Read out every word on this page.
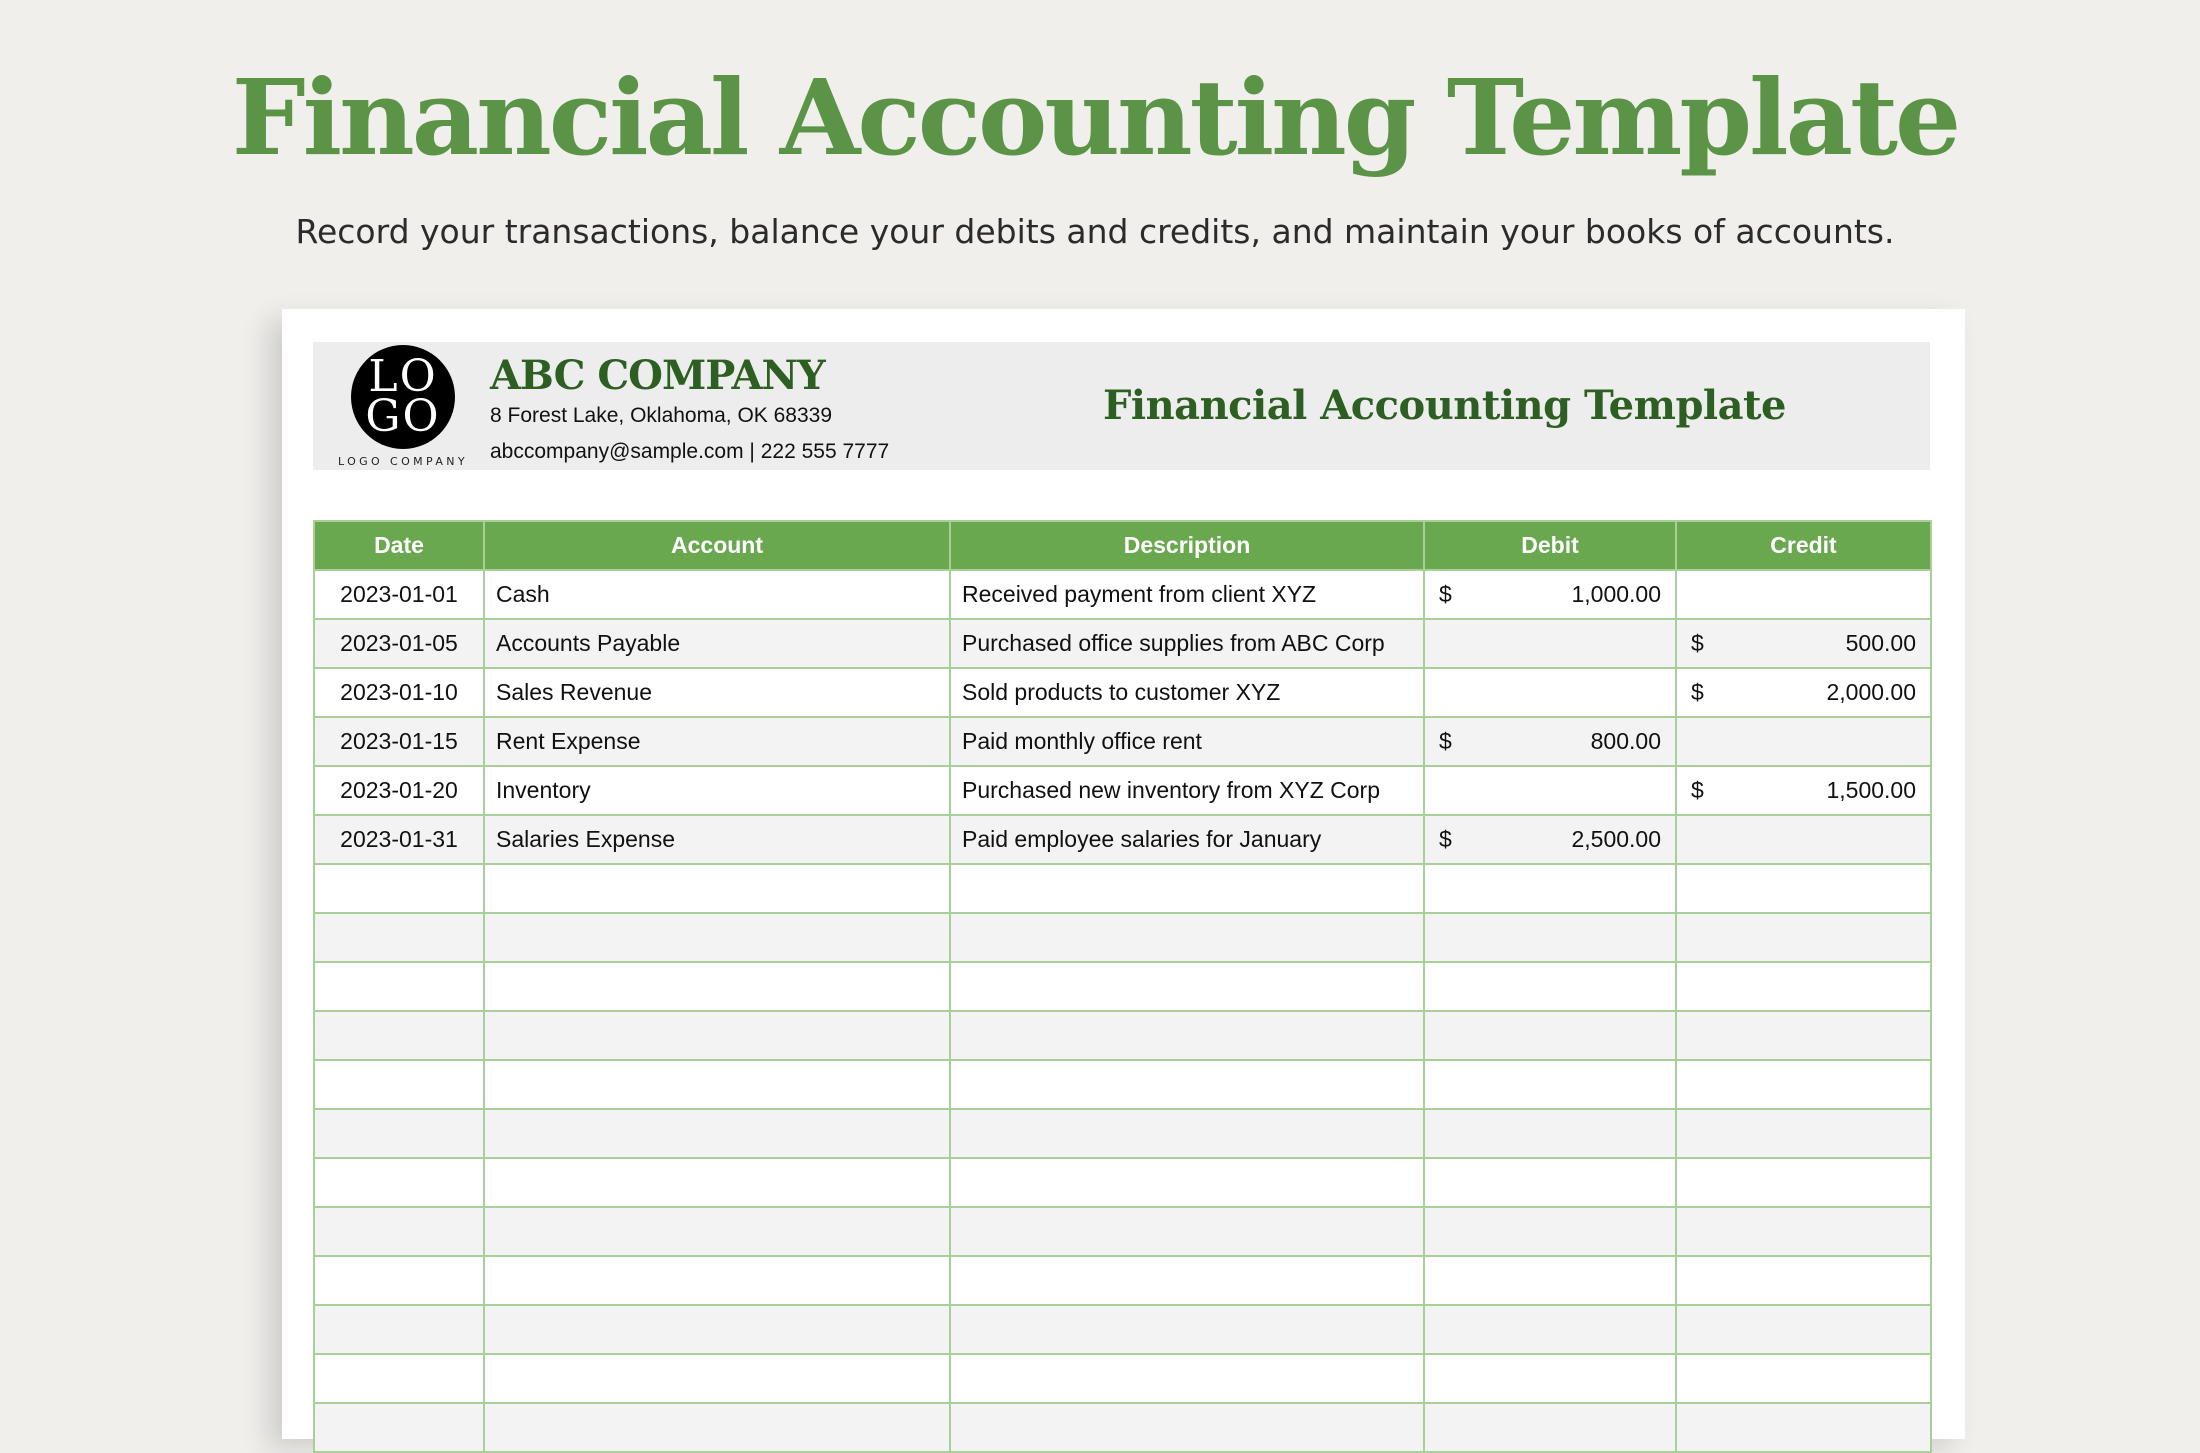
Financial Accounting Template

Record your transactions, balance your debits and credits, and maintain your books of accounts.

LO
GO
LOGO COMPANY
ABC COMPANY
8 Forest Lake, Oklahoma, OK 68339
abccompany@sample.com | 222 555 7777
Financial Accounting Template
Date	Account	Description	Debit	Credit
2023-01-01	Cash	Received payment from client XYZ	$ 1,000.00	

2023-01-05	Accounts Payable	Purchased office supplies from ABC Corp		$ 500.00

2023-01-10	Sales Revenue	Sold products to customer XYZ		$ 2,000.00

2023-01-15	Rent Expense	Paid monthly office rent	$ 800.00	

2023-01-20	Inventory	Purchased new inventory from XYZ Corp		$ 1,500.00

2023-01-31	Salaries Expense	Paid employee salaries for January	$ 2,500.00	
